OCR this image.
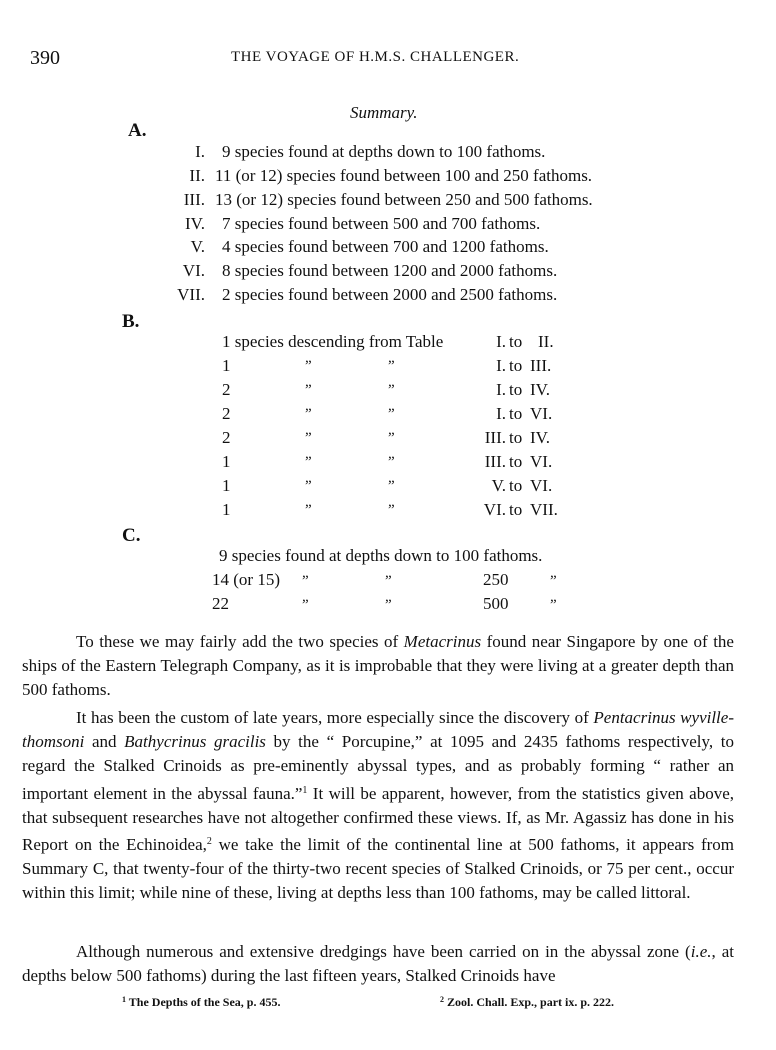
390	THE VOYAGE OF H.M.S. CHALLENGER.
Summary.
A.
I. 9 species found at depths down to 100 fathoms.
II. 11 (or 12) species found between 100 and 250 fathoms.
III. 13 (or 12) species found between 250 and 500 fathoms.
IV. 7 species found between 500 and 700 fathoms.
V. 4 species found between 700 and 1200 fathoms.
VI. 8 species found between 1200 and 2000 fathoms.
VII. 2 species found between 2000 and 2500 fathoms.
B.
1 species descending from Table	I. to II.
1	”	”	I. to III.
2	”	”	I. to IV.
2	”	”	I. to VI.
2	”	”	III. to IV.
1	”	”	III. to VI.
1	”	”	V. to VI.
1	”	”	VI. to VII.
C.
9 species found at depths down to 100 fathoms.
14 (or 15) ”	”	250	”
22	”	”	500	”

To these we may fairly add the two species of Metacrinus found near Singapore by one of the ships of the Eastern Telegraph Company, as it is improbable that they were living at a greater depth than 500 fathoms.

It has been the custom of late years, more especially since the discovery of Pentacrinus wyville-thomsoni and Bathycrinus gracilis by the “ Porcupine,” at 1095 and 2435 fathoms respectively, to regard the Stalked Crinoids as pre-eminently abyssal types, and as probably forming “ rather an important element in the abyssal fauna.”$^1$ It will be apparent, however, from the statistics given above, that subsequent researches have not altogether confirmed these views. If, as Mr. Agassiz has done in his Report on the Echinoidea,$^2$ we take the limit of the continental line at 500 fathoms, it appears from Summary C, that twenty-four of the thirty-two recent species of Stalked Crinoids, or 75 per cent., occur within this limit; while nine of these, living at depths less than 100 fathoms, may be called littoral.

Although numerous and extensive dredgings have been carried on in the abyssal zone (i.e., at depths below 500 fathoms) during the last fifteen years, Stalked Crinoids have

$^1$ The Depths of the Sea, p. 455.	$^2$ Zool. Chall. Exp., part ix. p. 222.
